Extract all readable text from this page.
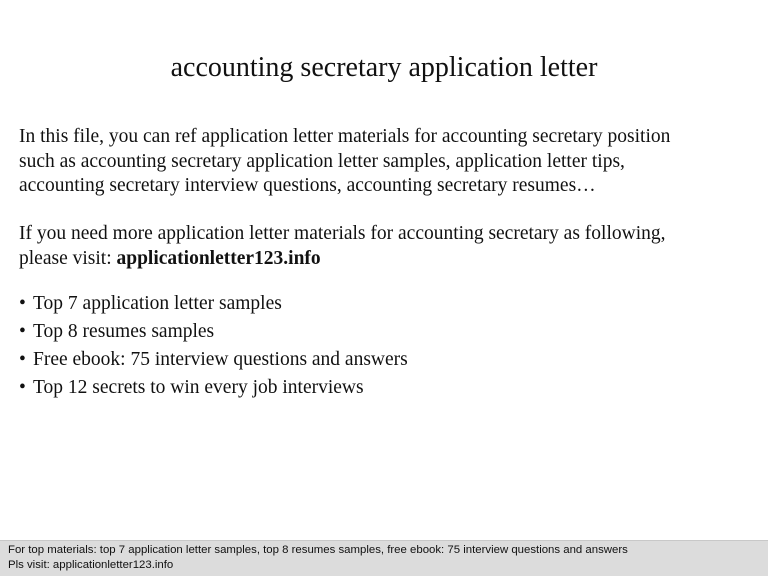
accounting secretary application letter
In this file, you can ref application letter materials for accounting secretary position
such as accounting secretary application letter samples, application letter tips,
accounting secretary interview questions, accounting secretary resumes…
If you need more application letter materials for accounting secretary as following,
please visit: applicationletter123.info
• Top 7 application letter samples
• Top 8 resumes samples
• Free ebook: 75 interview questions and answers
• Top 12 secrets to win every job interviews
For top materials: top 7 application letter samples, top 8 resumes samples, free ebook: 75 interview questions and answers
Pls visit: applicationletter123.info
